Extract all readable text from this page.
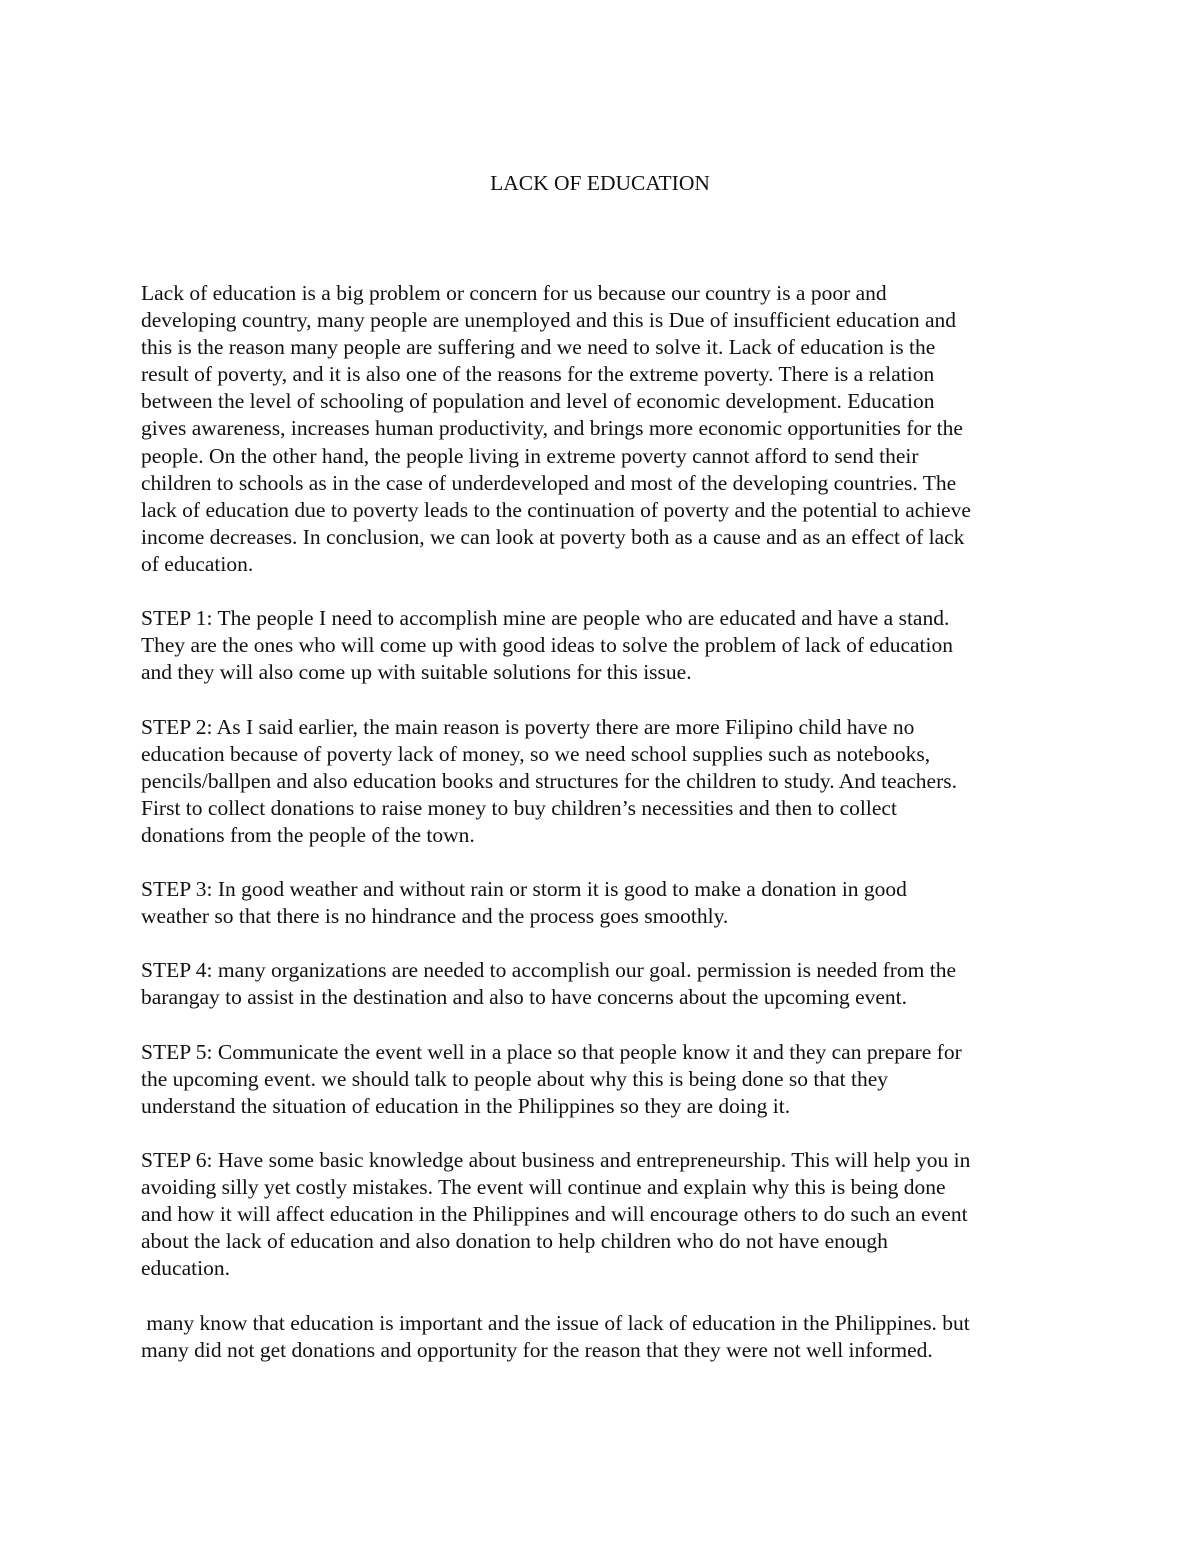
LACK OF EDUCATION

Lack of education is a big problem or concern for us because our country is a poor and
developing country, many people are unemployed and this is Due of insufficient education and
this is the reason many people are suffering and we need to solve it. Lack of education is the
result of poverty, and it is also one of the reasons for the extreme poverty. There is a relation
between the level of schooling of population and level of economic development. Education
gives awareness, increases human productivity, and brings more economic opportunities for the
people. On the other hand, the people living in extreme poverty cannot afford to send their
children to schools as in the case of underdeveloped and most of the developing countries. The
lack of education due to poverty leads to the continuation of poverty and the potential to achieve
income decreases. In conclusion, we can look at poverty both as a cause and as an effect of lack
of education.

STEP 1: The people I need to accomplish mine are people who are educated and have a stand.
They are the ones who will come up with good ideas to solve the problem of lack of education
and they will also come up with suitable solutions for this issue.

STEP 2: As I said earlier, the main reason is poverty there are more Filipino child have no
education because of poverty lack of money, so we need school supplies such as notebooks,
pencils/ballpen and also education books and structures for the children to study. And teachers.
First to collect donations to raise money to buy children’s necessities and then to collect
donations from the people of the town.

STEP 3: In good weather and without rain or storm it is good to make a donation in good
weather so that there is no hindrance and the process goes smoothly.

STEP 4: many organizations are needed to accomplish our goal. permission is needed from the
barangay to assist in the destination and also to have concerns about the upcoming event.

STEP 5: Communicate the event well in a place so that people know it and they can prepare for
the upcoming event. we should talk to people about why this is being done so that they
understand the situation of education in the Philippines so they are doing it.

STEP 6: Have some basic knowledge about business and entrepreneurship. This will help you in
avoiding silly yet costly mistakes. The event will continue and explain why this is being done
and how it will affect education in the Philippines and will encourage others to do such an event
about the lack of education and also donation to help children who do not have enough
education.

many know that education is important and the issue of lack of education in the Philippines. but
many did not get donations and opportunity for the reason that they were not well informed.
